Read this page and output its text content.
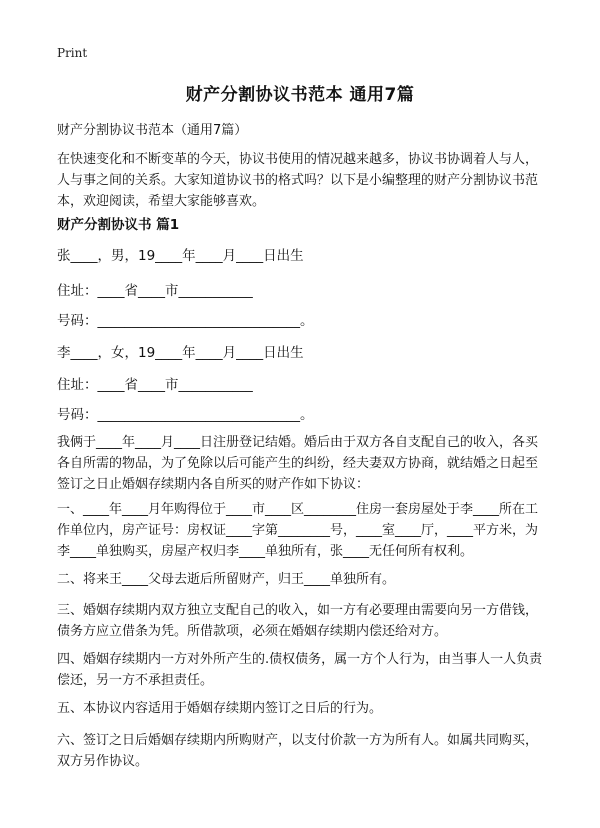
Print
财产分割协议书范本 通用7篇
财产分割协议书范本（通用7篇）
在快速变化和不断变革的今天，协议书使用的情况越来越多，协议书协调着人与人，人与事之间的关系。大家知道协议书的格式吗？以下是小编整理的财产分割协议书范本，欢迎阅读，希望大家能够喜欢。
财产分割协议书 篇1
张____，男，19____年____月____日出生
住址：____省____市___________
号码：______________________________。
李____，女，19____年____月____日出生
住址：____省____市___________
号码：______________________________。
我俩于____年____月____日注册登记结婚。婚后由于双方各自支配自己的收入，各买各自所需的物品，为了免除以后可能产生的纠纷，经夫妻双方协商，就结婚之日起至签订之日止婚姻存续期内各自所买的财产作如下协议：
一、____年____月年购得位于____市____区________住房一套房屋处于李____所在工作单位内，房产证号：房权证____字第________号，____室____厅，____平方米，为李____单独购买，房屋产权归李____单独所有，张____无任何所有权利。
二、将来王____父母去逝后所留财产，归王____单独所有。
三、婚姻存续期内双方独立支配自己的收入，如一方有必要理由需要向另一方借钱，债务方应立借条为凭。所借款项，必须在婚姻存续期内偿还给对方。
四、婚姻存续期内一方对外所产生的.债权债务，属一方个人行为，由当事人一人负责偿还，另一方不承担责任。
五、本协议内容适用于婚姻存续期内签订之日后的行为。
六、签订之日后婚姻存续期内所购财产，以支付价款一方为所有人。如属共同购买，双方另作协议。
